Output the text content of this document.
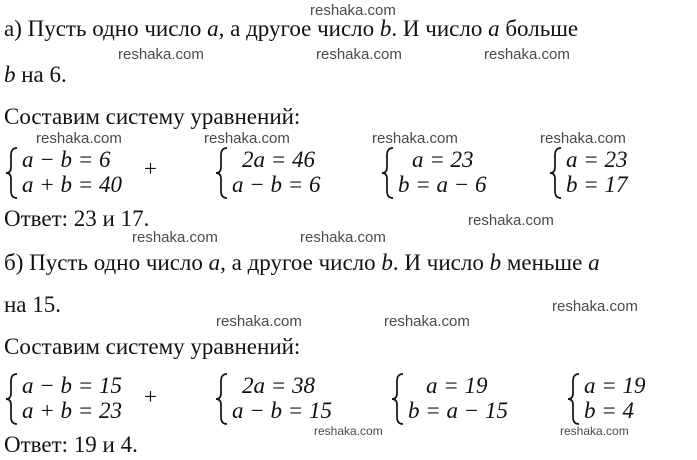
reshaka.com
а) Пусть одно число a, а другое число b. И число a больше
reshaka.com	reshaka.com	reshaka.com
b на 6.
Составим систему уравнений:
reshaka.com	reshaka.com	reshaka.com	reshaka.com
a − b = 6
a + b = 40
+	2a = 46
a − b = 6
a = 23
b = a − 6
a = 23
b = 17
Ответ: 23 и 17.	reshaka.com
reshaka.com	reshaka.com
б) Пусть одно число a, а другое число b. И число b меньше a
reshaka.com
на 15.
reshaka.com	reshaka.com
Составим систему уравнений:
a − b = 15
a + b = 23
+	2a = 38
a − b = 15
a = 19
b = a − 15
a = 19
b = 4
reshaka.com	reshaka.com
Ответ: 19 и 4.
